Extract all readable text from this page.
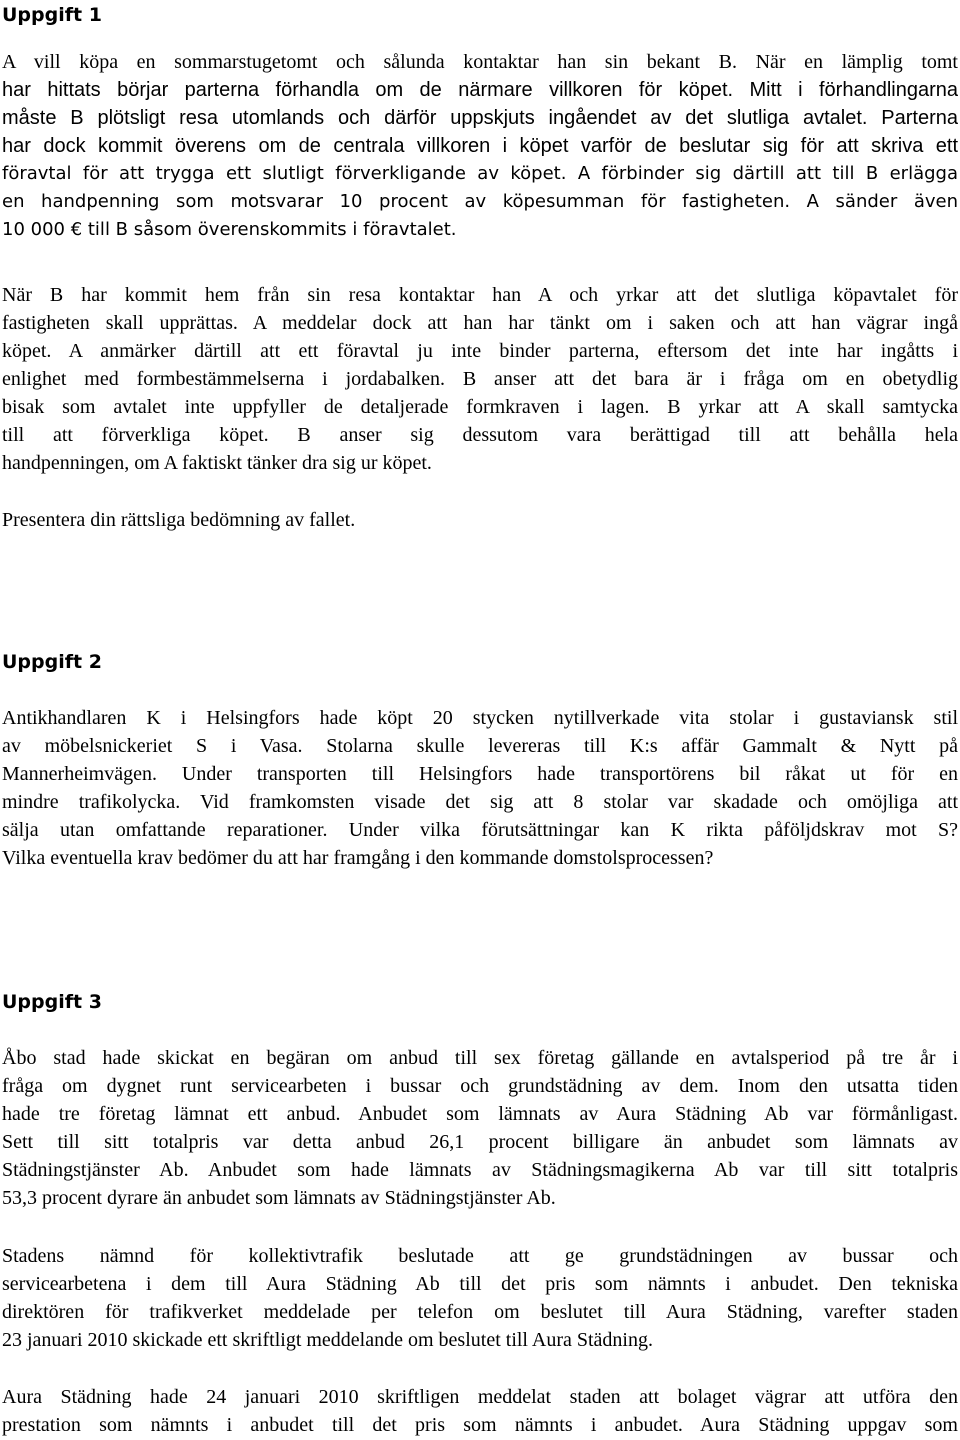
Uppgift 1
A vill köpa en sommarstugetomt och sålunda kontaktar han sin bekant B. När en lämplig tomt
har hittats börjar parterna förhandla om de närmare villkoren för köpet. Mitt i förhandlingarna
måste B plötsligt resa utomlands och därför uppskjuts ingåendet av det slutliga avtalet. Parterna
har dock kommit överens om de centrala villkoren i köpet varför de beslutar sig för att skriva ett
föravtal för att trygga ett slutligt förverkligande av köpet. A förbinder sig därtill att till B erlägga
en handpenning som motsvarar 10 procent av köpesumman för fastigheten. A sänder även
10 000 € till B såsom överenskommits i föravtalet.
När B har kommit hem från sin resa kontaktar han A och yrkar att det slutliga köpavtalet för
fastigheten skall upprättas. A meddelar dock att han har tänkt om i saken och att han vägrar ingå
köpet. A anmärker därtill att ett föravtal ju inte binder parterna, eftersom det inte har ingåtts i
enlighet med formbestämmelserna i jordabalken. B anser att det bara är i fråga om en obetydlig
bisak som avtalet inte uppfyller de detaljerade formkraven i lagen. B yrkar att A skall samtycka
till att förverkliga köpet. B anser sig dessutom vara berättigad till att behålla hela
handpenningen, om A faktiskt tänker dra sig ur köpet.
Presentera din rättsliga bedömning av fallet.
Uppgift 2
Antikhandlaren K i Helsingfors hade köpt 20 stycken nytillverkade vita stolar i gustaviansk stil
av möbelsnickeriet S i Vasa. Stolarna skulle levereras till K:s affär Gammalt & Nytt på
Mannerheimvägen. Under transporten till Helsingfors hade transportörens bil råkat ut för en
mindre trafikolycka. Vid framkomsten visade det sig att 8 stolar var skadade och omöjliga att
sälja utan omfattande reparationer. Under vilka förutsättningar kan K rikta påföljdskrav mot S?
Vilka eventuella krav bedömer du att har framgång i den kommande domstolsprocessen?
Uppgift 3
Åbo stad hade skickat en begäran om anbud till sex företag gällande en avtalsperiod på tre år i
fråga om dygnet runt servicearbeten i bussar och grundstädning av dem. Inom den utsatta tiden
hade tre företag lämnat ett anbud. Anbudet som lämnats av Aura Städning Ab var förmånligast.
Sett till sitt totalpris var detta anbud 26,1 procent billigare än anbudet som lämnats av
Städningstjänster Ab. Anbudet som hade lämnats av Städningsmagikerna Ab var till sitt totalpris
53,3 procent dyrare än anbudet som lämnats av Städningstjänster Ab.
Stadens nämnd för kollektivtrafik beslutade att ge grundstädningen av bussar och
servicearbetena i dem till Aura Städning Ab till det pris som nämnts i anbudet. Den tekniska
direktören för trafikverket meddelade per telefon om beslutet till Aura Städning, varefter staden
23 januari 2010 skickade ett skriftligt meddelande om beslutet till Aura Städning.
Aura Städning hade 24 januari 2010 skriftligen meddelat staden att bolaget vägrar att utföra den
prestation som nämnts i anbudet till det pris som nämnts i anbudet. Aura Städning uppgav som
